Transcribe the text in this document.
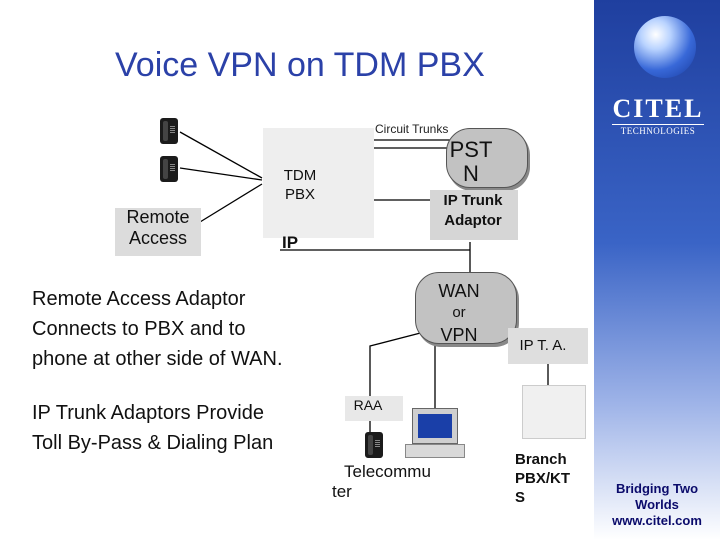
CITEL
TECHNOLOGIES
Voice VPN on TDM PBX
TDM
PBX
Circuit Trunks
PST
N
IP Trunk
Adaptor
Remote
Access	IP
WAN
or
VPN
IP T. A.
RAA
Telecommu
ter
Branch
PBX/KT
S
Remote Access Adaptor
Connects to PBX and to
phone at other side of WAN.
IP Trunk Adaptors Provide
Toll By-Pass & Dialing Plan
Bridging Two
Worlds
www.citel.com
